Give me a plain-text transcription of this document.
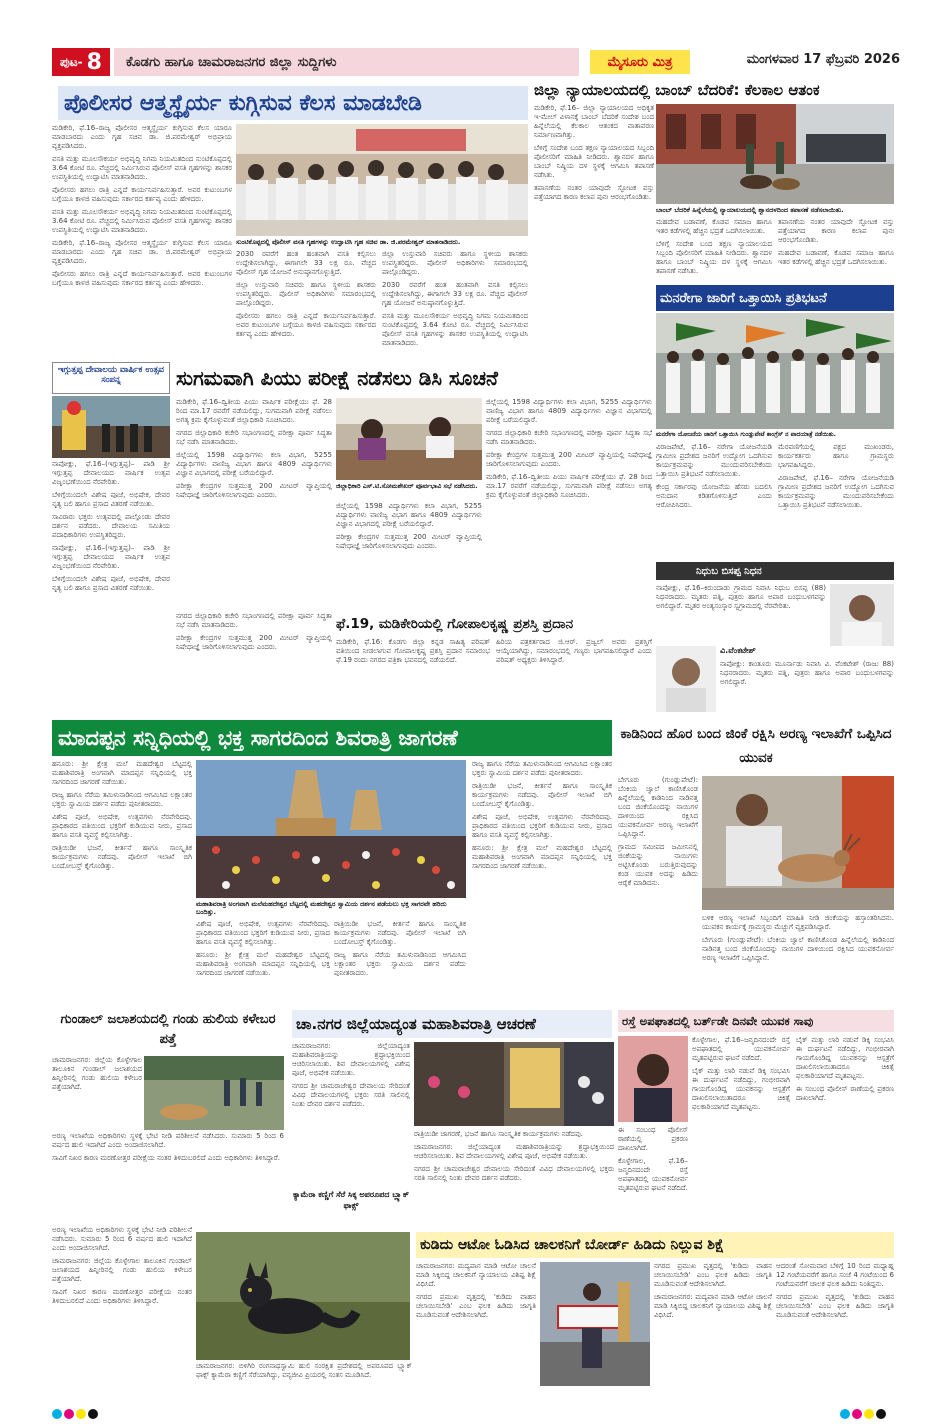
ಪುಟ- 8	ಕೊಡಗು ಹಾಗೂ ಚಾಮರಾಜನಗರ ಜಿಲ್ಲಾ ಸುದ್ದಿಗಳು	ಮೈಸೂರು ಮಿತ್ರ	ಮಂಗಳವಾರ 17 ಫೆಬ್ರವರಿ 2026
ಪೊಲೀಸರ ಆತ್ಮಸ್ಥೈರ್ಯ ಕುಗ್ಗಿಸುವ ಕೆಲಸ ಮಾಡಬೇಡಿ

ಮಡಿಕೇರಿ, ಫೆ.16–ರಾಜ್ಯ ಪೊಲೀಸರ ಆತ್ಮಸ್ಥೈರ್ಯ ಕುಗ್ಗಿಸುವ ಕೆಲಸ ಯಾರೂ ಮಾಡಬಾರದು ಎಂದು ಗೃಹ ಸಚಿವ ಡಾ. ಜಿ.ಪರಮೇಶ್ವರ್ ಅಭಿಪ್ರಾಯ ವ್ಯಕ್ತಪಡಿಸಿದರು.

ವಸತಿ ಮತ್ತು ಮೂಲಸೌಕರ್ಯ ಅಭಿವೃದ್ಧಿ ನಿಗಮ ನಿಯಮಿತದಿಂದ ಸುಂಟಿಕೊಪ್ಪದಲ್ಲಿ 3.64 ಕೋಟಿ ರೂ. ವೆಚ್ಚದಲ್ಲಿ ನಿರ್ಮಿಸಿರುವ ಪೊಲೀಸ್ ವಸತಿ ಗೃಹಗಳನ್ನು ಶಾಸಕರ ಉಪಸ್ಥಿತಿಯಲ್ಲಿ ಉದ್ಘಾಟಿಸಿ ಮಾತನಾಡಿದರು.

ಪೊಲೀಸರು ಹಗಲು ರಾತ್ರಿ ಎನ್ನದೆ ಕಾರ್ಯನಿರ್ವಹಿಸುತ್ತಾರೆ. ಅವರ ಕುಟುಂಬಗಳ ಬಗ್ಗೆಯೂ ಕಾಳಜಿ ವಹಿಸುವುದು ಸರ್ಕಾರದ ಕರ್ತವ್ಯ ಎಂದು ಹೇಳಿದರು.

ವಸತಿ ಮತ್ತು ಮೂಲಸೌಕರ್ಯ ಅಭಿವೃದ್ಧಿ ನಿಗಮ ನಿಯಮಿತದಿಂದ ಸುಂಟಿಕೊಪ್ಪದಲ್ಲಿ 3.64 ಕೋಟಿ ರೂ. ವೆಚ್ಚದಲ್ಲಿ ನಿರ್ಮಿಸಿರುವ ಪೊಲೀಸ್ ವಸತಿ ಗೃಹಗಳನ್ನು ಶಾಸಕರ ಉಪಸ್ಥಿತಿಯಲ್ಲಿ ಉದ್ಘಾಟಿಸಿ ಮಾತನಾಡಿದರು.

ಮಡಿಕೇರಿ, ಫೆ.16–ರಾಜ್ಯ ಪೊಲೀಸರ ಆತ್ಮಸ್ಥೈರ್ಯ ಕುಗ್ಗಿಸುವ ಕೆಲಸ ಯಾರೂ ಮಾಡಬಾರದು ಎಂದು ಗೃಹ ಸಚಿವ ಡಾ. ಜಿ.ಪರಮೇಶ್ವರ್ ಅಭಿಪ್ರಾಯ ವ್ಯಕ್ತಪಡಿಸಿದರು.

ಪೊಲೀಸರು ಹಗಲು ರಾತ್ರಿ ಎನ್ನದೆ ಕಾರ್ಯನಿರ್ವಹಿಸುತ್ತಾರೆ. ಅವರ ಕುಟುಂಬಗಳ ಬಗ್ಗೆಯೂ ಕಾಳಜಿ ವಹಿಸುವುದು ಸರ್ಕಾರದ ಕರ್ತವ್ಯ ಎಂದು ಹೇಳಿದರು.

ಸುಂಟಿಕೊಪ್ಪದಲ್ಲಿ ಪೊಲೀಸ್ ವಸತಿ ಗೃಹಗಳನ್ನು ಉದ್ಘಾಟಿಸಿ ಗೃಹ ಸಚಿವ ಡಾ. ಜಿ.ಪರಮೇಶ್ವರ್ ಮಾತನಾಡಿದರು.

2030 ರವರೆಗೆ ಹಂತ ಹಂತವಾಗಿ ವಸತಿ ಕಲ್ಪಿಸಲು ಉದ್ದೇಶಿಸಲಾಗಿದ್ದು, ಈಗಾಗಲೇ 33 ಲಕ್ಷ ರೂ. ವೆಚ್ಚದ ಪೊಲೀಸ್ ಗೃಹ ಯೋಜನೆ ಅನುಷ್ಠಾನಗೊಳ್ಳುತ್ತಿದೆ.

ಜಿಲ್ಲಾ ಉಸ್ತುವಾರಿ ಸಚಿವರು ಹಾಗೂ ಸ್ಥಳೀಯ ಶಾಸಕರು ಉಪಸ್ಥಿತರಿದ್ದರು. ಪೊಲೀಸ್ ಅಧಿಕಾರಿಗಳು ಸಮಾರಂಭದಲ್ಲಿ ಪಾಲ್ಗೊಂಡಿದ್ದರು.

ಪೊಲೀಸರು ಹಗಲು ರಾತ್ರಿ ಎನ್ನದೆ ಕಾರ್ಯನಿರ್ವಹಿಸುತ್ತಾರೆ. ಅವರ ಕುಟುಂಬಗಳ ಬಗ್ಗೆಯೂ ಕಾಳಜಿ ವಹಿಸುವುದು ಸರ್ಕಾರದ ಕರ್ತವ್ಯ ಎಂದು ಹೇಳಿದರು.

ಜಿಲ್ಲಾ ಉಸ್ತುವಾರಿ ಸಚಿವರು ಹಾಗೂ ಸ್ಥಳೀಯ ಶಾಸಕರು ಉಪಸ್ಥಿತರಿದ್ದರು. ಪೊಲೀಸ್ ಅಧಿಕಾರಿಗಳು ಸಮಾರಂಭದಲ್ಲಿ ಪಾಲ್ಗೊಂಡಿದ್ದರು.

2030 ರವರೆಗೆ ಹಂತ ಹಂತವಾಗಿ ವಸತಿ ಕಲ್ಪಿಸಲು ಉದ್ದೇಶಿಸಲಾಗಿದ್ದು, ಈಗಾಗಲೇ 33 ಲಕ್ಷ ರೂ. ವೆಚ್ಚದ ಪೊಲೀಸ್ ಗೃಹ ಯೋಜನೆ ಅನುಷ್ಠಾನಗೊಳ್ಳುತ್ತಿದೆ.

ವಸತಿ ಮತ್ತು ಮೂಲಸೌಕರ್ಯ ಅಭಿವೃದ್ಧಿ ನಿಗಮ ನಿಯಮಿತದಿಂದ ಸುಂಟಿಕೊಪ್ಪದಲ್ಲಿ 3.64 ಕೋಟಿ ರೂ. ವೆಚ್ಚದಲ್ಲಿ ನಿರ್ಮಿಸಿರುವ ಪೊಲೀಸ್ ವಸತಿ ಗೃಹಗಳನ್ನು ಶಾಸಕರ ಉಪಸ್ಥಿತಿಯಲ್ಲಿ ಉದ್ಘಾಟಿಸಿ ಮಾತನಾಡಿದರು.

ಜಿಲ್ಲಾ ನ್ಯಾಯಾಲಯದಲ್ಲಿ ಬಾಂಬ್ ಬೆದರಿಕೆ: ಕೆಲಕಾಲ ಆತಂಕ

ಮಡಿಕೇರಿ, ಫೆ.16– ಜಿಲ್ಲಾ ನ್ಯಾಯಾಲಯದ ಅಧಿಕೃತ ಇ-ಮೇಲ್ ವಿಳಾಸಕ್ಕೆ ಬಾಂಬ್ ಬೆದರಿಕೆ ಸಂದೇಶ ಬಂದ ಹಿನ್ನೆಲೆಯಲ್ಲಿ ಕೆಲಕಾಲ ಆತಂಕದ ವಾತಾವರಣ ನಿರ್ಮಾಣವಾಗಿತ್ತು.

ಬೆಳಿಗ್ಗೆ ಸಂದೇಶ ಬಂದ ತಕ್ಷಣ ನ್ಯಾಯಾಲಯದ ಸಿಬ್ಬಂದಿ ಪೊಲೀಸರಿಗೆ ಮಾಹಿತಿ ನೀಡಿದರು. ಶ್ವಾನದಳ ಹಾಗೂ ಬಾಂಬ್ ನಿಷ್ಕ್ರಿಯ ದಳ ಸ್ಥಳಕ್ಕೆ ಆಗಮಿಸಿ ತಪಾಸಣೆ ನಡೆಸಿತು.

ತಪಾಸಣೆಯ ನಂತರ ಯಾವುದೇ ಸ್ಫೋಟಕ ವಸ್ತು ಪತ್ತೆಯಾಗದ ಕಾರಣ ಕಲಾಪ ಪುನಃ ಆರಂಭಗೊಂಡಿತು.

ಬಾಂಬ್ ಬೆದರಿಕೆ ಹಿನ್ನೆಲೆಯಲ್ಲಿ ನ್ಯಾಯಾಲಯದಲ್ಲಿ ಶ್ವಾನದಳದಿಂದ ತಪಾಸಣೆ ನಡೆಸಲಾಯಿತು.

ಮಹದೇವ ಬಡಾವಣೆ, ಕೊಡವ ಸಮಾಜ ಹಾಗೂ ಇತರ ಕಡೆಗಳಲ್ಲಿ ಹೆಚ್ಚಿನ ಭದ್ರತೆ ಒದಗಿಸಲಾಯಿತು.

ಬೆಳಿಗ್ಗೆ ಸಂದೇಶ ಬಂದ ತಕ್ಷಣ ನ್ಯಾಯಾಲಯದ ಸಿಬ್ಬಂದಿ ಪೊಲೀಸರಿಗೆ ಮಾಹಿತಿ ನೀಡಿದರು. ಶ್ವಾನದಳ ಹಾಗೂ ಬಾಂಬ್ ನಿಷ್ಕ್ರಿಯ ದಳ ಸ್ಥಳಕ್ಕೆ ಆಗಮಿಸಿ ತಪಾಸಣೆ ನಡೆಸಿತು.

ತಪಾಸಣೆಯ ನಂತರ ಯಾವುದೇ ಸ್ಫೋಟಕ ವಸ್ತು ಪತ್ತೆಯಾಗದ ಕಾರಣ ಕಲಾಪ ಪುನಃ ಆರಂಭಗೊಂಡಿತು.

ಮಹದೇವ ಬಡಾವಣೆ, ಕೊಡವ ಸಮಾಜ ಹಾಗೂ ಇತರ ಕಡೆಗಳಲ್ಲಿ ಹೆಚ್ಚಿನ ಭದ್ರತೆ ಒದಗಿಸಲಾಯಿತು.

ಮನರೇಗಾ ಜಾರಿಗೆ ಒತ್ತಾಯಿಸಿ ಪ್ರತಿಭಟನೆ
ಮನರೇಗಾ ಯೋಜನೆಯ ಜಾರಿಗೆ ಒತ್ತಾಯಿಸಿ ಗುಂಡ್ಲುಪೇಟೆ ಕಾಂಗ್ರೆಸ್ ನ ಪಾದಯಾತ್ರೆ ನಡೆಯಿತು.

ವಿರಾಜಪೇಟೆ, ಫೆ.16– ನರೇಗಾ ಯೋಜನೆಯಡಿ ಗ್ರಾಮೀಣ ಪ್ರದೇಶದ ಜನರಿಗೆ ಉದ್ಯೋಗ ಒದಗಿಸುವ ಕಾರ್ಯಕ್ರಮವನ್ನು ಮುಂದುವರಿಸಬೇಕೆಂದು ಒತ್ತಾಯಿಸಿ ಪ್ರತಿಭಟನೆ ನಡೆಸಲಾಯಿತು.

ಕೇಂದ್ರ ಸರ್ಕಾರವು ಯೋಜನೆಯ ಹೆಸರು ಬದಲಿಸಿ ಅನುದಾನ ಕಡಿತಗೊಳಿಸುತ್ತಿದೆ ಎಂದು ಆರೋಪಿಸಿದರು.

ಮೆರವಣಿಗೆಯಲ್ಲಿ ಪಕ್ಷದ ಮುಖಂಡರು, ಕಾರ್ಯಕರ್ತರು ಹಾಗೂ ಗ್ರಾಮಸ್ಥರು ಭಾಗವಹಿಸಿದ್ದರು.

ವಿರಾಜಪೇಟೆ, ಫೆ.16– ನರೇಗಾ ಯೋಜನೆಯಡಿ ಗ್ರಾಮೀಣ ಪ್ರದೇಶದ ಜನರಿಗೆ ಉದ್ಯೋಗ ಒದಗಿಸುವ ಕಾರ್ಯಕ್ರಮವನ್ನು ಮುಂದುವರಿಸಬೇಕೆಂದು ಒತ್ತಾಯಿಸಿ ಪ್ರತಿಭಟನೆ ನಡೆಸಲಾಯಿತು.

ಇಗ್ಗುತ್ತಪ್ಪ ದೇವಾಲಯ ವಾರ್ಷಿಕ ಉತ್ಸವ ಸಂಪನ್ನ

ನಾಪೋಕ್ಲು, ಫೆ.16–(ಇಗ್ಗುತ್ತಪ್ಪ)– ಪಾಡಿ ಶ್ರೀ ಇಗ್ಗುತ್ತಪ್ಪ ದೇವಾಲಯದ ವಾರ್ಷಿಕ ಉತ್ಸವ ವಿಜೃಂಭಣೆಯಿಂದ ನೆರವೇರಿತು.

ಬೆಳಿಗ್ಗೆಯಿಂದಲೇ ವಿಶೇಷ ಪೂಜೆ, ಅಭಿಷೇಕ, ದೇವರ ನೃತ್ಯ ಬಲಿ ಹಾಗೂ ಪ್ರಸಾದ ವಿತರಣೆ ನಡೆಯಿತು.

ಸಾವಿರಾರು ಭಕ್ತರು ಉತ್ಸವದಲ್ಲಿ ಪಾಲ್ಗೊಂಡು ದೇವರ ದರ್ಶನ ಪಡೆದರು. ದೇವಾಲಯ ಸಮಿತಿಯ ಪದಾಧಿಕಾರಿಗಳು ಉಪಸ್ಥಿತರಿದ್ದರು.

ನಾಪೋಕ್ಲು, ಫೆ.16–(ಇಗ್ಗುತ್ತಪ್ಪ)– ಪಾಡಿ ಶ್ರೀ ಇಗ್ಗುತ್ತಪ್ಪ ದೇವಾಲಯದ ವಾರ್ಷಿಕ ಉತ್ಸವ ವಿಜೃಂಭಣೆಯಿಂದ ನೆರವೇರಿತು.

ಬೆಳಿಗ್ಗೆಯಿಂದಲೇ ವಿಶೇಷ ಪೂಜೆ, ಅಭಿಷೇಕ, ದೇವರ ನೃತ್ಯ ಬಲಿ ಹಾಗೂ ಪ್ರಸಾದ ವಿತರಣೆ ನಡೆಯಿತು.

ಸುಗಮವಾಗಿ ಪಿಯು ಪರೀಕ್ಷೆ ನಡೆಸಲು ಡಿಸಿ ಸೂಚನೆ

ಮಡಿಕೇರಿ, ಫೆ.16–ದ್ವಿತೀಯ ಪಿಯು ವಾರ್ಷಿಕ ಪರೀಕ್ಷೆಯು ಫೆ. 28 ರಿಂದ ಮಾ.17 ರವರೆಗೆ ನಡೆಯಲಿದ್ದು, ಸುಗಮವಾಗಿ ಪರೀಕ್ಷೆ ನಡೆಸಲು ಅಗತ್ಯ ಕ್ರಮ ಕೈಗೊಳ್ಳುವಂತೆ ಜಿಲ್ಲಾಧಿಕಾರಿ ಸೂಚಿಸಿದರು.

ನಗರದ ಜಿಲ್ಲಾಧಿಕಾರಿ ಕಚೇರಿ ಸಭಾಂಗಣದಲ್ಲಿ ಪರೀಕ್ಷಾ ಪೂರ್ವ ಸಿದ್ಧತಾ ಸಭೆ ನಡೆಸಿ ಮಾತನಾಡಿದರು.

ಜಿಲ್ಲೆಯಲ್ಲಿ 1598 ವಿದ್ಯಾರ್ಥಿಗಳು ಕಲಾ ವಿಭಾಗ, 5255 ವಿದ್ಯಾರ್ಥಿಗಳು ವಾಣಿಜ್ಯ ವಿಭಾಗ ಹಾಗೂ 4809 ವಿದ್ಯಾರ್ಥಿಗಳು ವಿಜ್ಞಾನ ವಿಭಾಗದಲ್ಲಿ ಪರೀಕ್ಷೆ ಬರೆಯಲಿದ್ದಾರೆ.

ಪರೀಕ್ಷಾ ಕೇಂದ್ರಗಳ ಸುತ್ತಮುತ್ತ 200 ಮೀಟರ್ ವ್ಯಾಪ್ತಿಯಲ್ಲಿ ನಿಷೇಧಾಜ್ಞೆ ಜಾರಿಗೊಳಿಸಲಾಗುವುದು ಎಂದರು.

ಜಿಲ್ಲಾಧಿಕಾರಿ ಎಸ್.ಟಿ.ಸೋಮಶೇಖರ್ ಪೂರ್ವಭಾವಿ ಸಭೆ ನಡೆಸಿದರು.

ಜಿಲ್ಲೆಯಲ್ಲಿ 1598 ವಿದ್ಯಾರ್ಥಿಗಳು ಕಲಾ ವಿಭಾಗ, 5255 ವಿದ್ಯಾರ್ಥಿಗಳು ವಾಣಿಜ್ಯ ವಿಭಾಗ ಹಾಗೂ 4809 ವಿದ್ಯಾರ್ಥಿಗಳು ವಿಜ್ಞಾನ ವಿಭಾಗದಲ್ಲಿ ಪರೀಕ್ಷೆ ಬರೆಯಲಿದ್ದಾರೆ.

ಪರೀಕ್ಷಾ ಕೇಂದ್ರಗಳ ಸುತ್ತಮುತ್ತ 200 ಮೀಟರ್ ವ್ಯಾಪ್ತಿಯಲ್ಲಿ ನಿಷೇಧಾಜ್ಞೆ ಜಾರಿಗೊಳಿಸಲಾಗುವುದು ಎಂದರು.

ಜಿಲ್ಲೆಯಲ್ಲಿ 1598 ವಿದ್ಯಾರ್ಥಿಗಳು ಕಲಾ ವಿಭಾಗ, 5255 ವಿದ್ಯಾರ್ಥಿಗಳು ವಾಣಿಜ್ಯ ವಿಭಾಗ ಹಾಗೂ 4809 ವಿದ್ಯಾರ್ಥಿಗಳು ವಿಜ್ಞಾನ ವಿಭಾಗದಲ್ಲಿ ಪರೀಕ್ಷೆ ಬರೆಯಲಿದ್ದಾರೆ.

ನಗರದ ಜಿಲ್ಲಾಧಿಕಾರಿ ಕಚೇರಿ ಸಭಾಂಗಣದಲ್ಲಿ ಪರೀಕ್ಷಾ ಪೂರ್ವ ಸಿದ್ಧತಾ ಸಭೆ ನಡೆಸಿ ಮಾತನಾಡಿದರು.

ಪರೀಕ್ಷಾ ಕೇಂದ್ರಗಳ ಸುತ್ತಮುತ್ತ 200 ಮೀಟರ್ ವ್ಯಾಪ್ತಿಯಲ್ಲಿ ನಿಷೇಧಾಜ್ಞೆ ಜಾರಿಗೊಳಿಸಲಾಗುವುದು ಎಂದರು.

ಮಡಿಕೇರಿ, ಫೆ.16–ದ್ವಿತೀಯ ಪಿಯು ವಾರ್ಷಿಕ ಪರೀಕ್ಷೆಯು ಫೆ. 28 ರಿಂದ ಮಾ.17 ರವರೆಗೆ ನಡೆಯಲಿದ್ದು, ಸುಗಮವಾಗಿ ಪರೀಕ್ಷೆ ನಡೆಸಲು ಅಗತ್ಯ ಕ್ರಮ ಕೈಗೊಳ್ಳುವಂತೆ ಜಿಲ್ಲಾಧಿಕಾರಿ ಸೂಚಿಸಿದರು.

ಫೆ.19, ಮಡಿಕೇರಿಯಲ್ಲಿ ಗೋಪಾಲಕೃಷ್ಣ ಪ್ರಶಸ್ತಿ ಪ್ರದಾನ

ಮಡಿಕೇರಿ, ಫೆ.16: ಕೊಡಗು ಜಿಲ್ಲಾ ಕನ್ನಡ ಸಾಹಿತ್ಯ ಪರಿಷತ್ ವತಿಯಿಂದ ನೀಡಲಾಗುವ ಗೋಪಾಲಕೃಷ್ಣ ಪ್ರಶಸ್ತಿ ಪ್ರದಾನ ಸಮಾರಂಭ ಫೆ.19 ರಂದು ನಗರದ ಪತ್ರಿಕಾ ಭವನದಲ್ಲಿ ನಡೆಯಲಿದೆ.

ಹಿರಿಯ ಪತ್ರಕರ್ತರಾದ ಜಿ.ಆರ್. ಪ್ರಜ್ವಲ್ ಅವರು ಪ್ರಶಸ್ತಿಗೆ ಆಯ್ಕೆಯಾಗಿದ್ದು, ಸಮಾರಂಭದಲ್ಲಿ ಗಣ್ಯರು ಭಾಗವಹಿಸಲಿದ್ದಾರೆ ಎಂದು ಪರಿಷತ್ ಅಧ್ಯಕ್ಷರು ತಿಳಿಸಿದ್ದಾರೆ.

ನಗರದ ಜಿಲ್ಲಾಧಿಕಾರಿ ಕಚೇರಿ ಸಭಾಂಗಣದಲ್ಲಿ ಪರೀಕ್ಷಾ ಪೂರ್ವ ಸಿದ್ಧತಾ ಸಭೆ ನಡೆಸಿ ಮಾತನಾಡಿದರು.

ಪರೀಕ್ಷಾ ಕೇಂದ್ರಗಳ ಸುತ್ತಮುತ್ತ 200 ಮೀಟರ್ ವ್ಯಾಪ್ತಿಯಲ್ಲಿ ನಿಷೇಧಾಜ್ಞೆ ಜಾರಿಗೊಳಿಸಲಾಗುವುದು ಎಂದರು.

ನಿಧುಬ ಬಿಸಪ್ಪ ನಿಧನ
ನಾಪೋಕ್ಲು, ಫೆ.16–ಕಿರುಂದಾಡು ಗ್ರಾಮದ ನಿವಾಸಿ ನಿಧುಬ ಬಿಸಪ್ಪ (88) ನಿಧನರಾದರು. ಮೃತರು ಪತ್ನಿ, ಪುತ್ರರು ಹಾಗೂ ಅಪಾರ ಬಂಧುಬಳಗವನ್ನು ಅಗಲಿದ್ದಾರೆ. ಮೃತರ ಅಂತ್ಯಸಂಸ್ಕಾರ ಸ್ವಗ್ರಾಮದಲ್ಲಿ ನೆರವೇರಿತು.
ವಿ.ವೆಂಕಟೇಶ್
ನಾಪೋಕ್ಲು: ಕಾಂತೂರು ಮೂರ್ನಾಡು ನಿವಾಸಿ ವಿ. ವೆಂಕಟೇಶ್ (ರಾಜು 88) ನಿಧನರಾದರು. ಮೃತರು ಪತ್ನಿ, ಪುತ್ರರು ಹಾಗೂ ಅಪಾರ ಬಂಧುಬಳಗವನ್ನು ಅಗಲಿದ್ದಾರೆ.
ಮಾದಪ್ಪನ ಸನ್ನಿಧಿಯಲ್ಲಿ ಭಕ್ತ ಸಾಗರದಿಂದ ಶಿವರಾತ್ರಿ ಜಾಗರಣೆ

ಹನೂರು: ಶ್ರೀ ಕ್ಷೇತ್ರ ಮಲೆ ಮಹದೇಶ್ವರ ಬೆಟ್ಟದಲ್ಲಿ ಮಹಾಶಿವರಾತ್ರಿ ಅಂಗವಾಗಿ ಮಾದಪ್ಪನ ಸನ್ನಿಧಿಯಲ್ಲಿ ಭಕ್ತ ಸಾಗರದಿಂದ ಜಾಗರಣೆ ನಡೆಯಿತು.

ರಾಜ್ಯ ಹಾಗೂ ನೆರೆಯ ತಮಿಳುನಾಡಿನಿಂದ ಆಗಮಿಸಿದ ಲಕ್ಷಾಂತರ ಭಕ್ತರು ಸ್ವಾಮಿಯ ದರ್ಶನ ಪಡೆದು ಪುನೀತರಾದರು.

ವಿಶೇಷ ಪೂಜೆ, ಅಭಿಷೇಕ, ಉತ್ಸವಗಳು ನೆರವೇರಿದವು. ಪ್ರಾಧಿಕಾರದ ವತಿಯಿಂದ ಭಕ್ತರಿಗೆ ಕುಡಿಯುವ ನೀರು, ಪ್ರಸಾದ ಹಾಗೂ ವಸತಿ ವ್ಯವಸ್ಥೆ ಕಲ್ಪಿಸಲಾಗಿತ್ತು.

ರಾತ್ರಿಯಿಡೀ ಭಜನೆ, ಕೀರ್ತನೆ ಹಾಗೂ ಸಾಂಸ್ಕೃತಿಕ ಕಾರ್ಯಕ್ರಮಗಳು ನಡೆದವು. ಪೊಲೀಸ್ ಇಲಾಖೆ ಬಿಗಿ ಬಂದೋಬಸ್ತ್ ಕೈಗೊಂಡಿತ್ತು.

ಮಹಾಶಿವರಾತ್ರಿ ಅಂಗವಾಗಿ ಮಲೆಮಹದೇಶ್ವರ ಬೆಟ್ಟದಲ್ಲಿ ಮಹದೇಶ್ವರ ಸ್ವಾಮಿಯ ದರ್ಶನ ಪಡೆಯಲು ಭಕ್ತ ಸಾಗರವೇ ಹರಿದು ಬಂದಿತ್ತು.

ವಿಶೇಷ ಪೂಜೆ, ಅಭಿಷೇಕ, ಉತ್ಸವಗಳು ನೆರವೇರಿದವು. ಪ್ರಾಧಿಕಾರದ ವತಿಯಿಂದ ಭಕ್ತರಿಗೆ ಕುಡಿಯುವ ನೀರು, ಪ್ರಸಾದ ಹಾಗೂ ವಸತಿ ವ್ಯವಸ್ಥೆ ಕಲ್ಪಿಸಲಾಗಿತ್ತು.

ಹನೂರು: ಶ್ರೀ ಕ್ಷೇತ್ರ ಮಲೆ ಮಹದೇಶ್ವರ ಬೆಟ್ಟದಲ್ಲಿ ಮಹಾಶಿವರಾತ್ರಿ ಅಂಗವಾಗಿ ಮಾದಪ್ಪನ ಸನ್ನಿಧಿಯಲ್ಲಿ ಭಕ್ತ ಸಾಗರದಿಂದ ಜಾಗರಣೆ ನಡೆಯಿತು.

ರಾತ್ರಿಯಿಡೀ ಭಜನೆ, ಕೀರ್ತನೆ ಹಾಗೂ ಸಾಂಸ್ಕೃತಿಕ ಕಾರ್ಯಕ್ರಮಗಳು ನಡೆದವು. ಪೊಲೀಸ್ ಇಲಾಖೆ ಬಿಗಿ ಬಂದೋಬಸ್ತ್ ಕೈಗೊಂಡಿತ್ತು.

ರಾಜ್ಯ ಹಾಗೂ ನೆರೆಯ ತಮಿಳುನಾಡಿನಿಂದ ಆಗಮಿಸಿದ ಲಕ್ಷಾಂತರ ಭಕ್ತರು ಸ್ವಾಮಿಯ ದರ್ಶನ ಪಡೆದು ಪುನೀತರಾದರು.

ರಾಜ್ಯ ಹಾಗೂ ನೆರೆಯ ತಮಿಳುನಾಡಿನಿಂದ ಆಗಮಿಸಿದ ಲಕ್ಷಾಂತರ ಭಕ್ತರು ಸ್ವಾಮಿಯ ದರ್ಶನ ಪಡೆದು ಪುನೀತರಾದರು.

ರಾತ್ರಿಯಿಡೀ ಭಜನೆ, ಕೀರ್ತನೆ ಹಾಗೂ ಸಾಂಸ್ಕೃತಿಕ ಕಾರ್ಯಕ್ರಮಗಳು ನಡೆದವು. ಪೊಲೀಸ್ ಇಲಾಖೆ ಬಿಗಿ ಬಂದೋಬಸ್ತ್ ಕೈಗೊಂಡಿತ್ತು.

ವಿಶೇಷ ಪೂಜೆ, ಅಭಿಷೇಕ, ಉತ್ಸವಗಳು ನೆರವೇರಿದವು. ಪ್ರಾಧಿಕಾರದ ವತಿಯಿಂದ ಭಕ್ತರಿಗೆ ಕುಡಿಯುವ ನೀರು, ಪ್ರಸಾದ ಹಾಗೂ ವಸತಿ ವ್ಯವಸ್ಥೆ ಕಲ್ಪಿಸಲಾಗಿತ್ತು.

ಹನೂರು: ಶ್ರೀ ಕ್ಷೇತ್ರ ಮಲೆ ಮಹದೇಶ್ವರ ಬೆಟ್ಟದಲ್ಲಿ ಮಹಾಶಿವರಾತ್ರಿ ಅಂಗವಾಗಿ ಮಾದಪ್ಪನ ಸನ್ನಿಧಿಯಲ್ಲಿ ಭಕ್ತ ಸಾಗರದಿಂದ ಜಾಗರಣೆ ನಡೆಯಿತು.

ಕಾಡಿನಿಂದ ಹೊರ ಬಂದ ಜಿಂಕೆ ರಕ್ಷಿಸಿ ಅರಣ್ಯ ಇಲಾಖೆಗೆ ಒಪ್ಪಿಸಿದ ಯುವಕ

ಬೇಗೂರು (ಗುಂಡ್ಲುಪೇಟೆ): ಬೆಂಕಿಯ ಜ್ವಾಲೆ ಕಾಣಿಸಿಕೊಂಡ ಹಿನ್ನೆಲೆಯಲ್ಲಿ ಕಾಡಿನಿಂದ ನಾಡಿನತ್ತ ಬಂದ ಜಿಂಕೆಯೊಂದನ್ನು ನಾಯಿಗಳ ದಾಳಿಯಿಂದ ರಕ್ಷಿಸಿದ ಯುವಕನೋರ್ವ ಅರಣ್ಯ ಇಲಾಖೆಗೆ ಒಪ್ಪಿಸಿದ್ದಾನೆ.

ಗ್ರಾಮದ ಸಮೀಪದ ಜಮೀನಿನಲ್ಲಿ ಜಿಂಕೆಯನ್ನು ನಾಯಿಗಳು ಅಟ್ಟಿಸಿಕೊಂಡು ಬರುತ್ತಿರುವುದನ್ನು ಕಂಡ ಯುವಕ ಅದನ್ನು ಹಿಡಿದು ಆರೈಕೆ ಮಾಡಿದನು.

ಬಳಿಕ ಅರಣ್ಯ ಇಲಾಖೆ ಸಿಬ್ಬಂದಿಗೆ ಮಾಹಿತಿ ನೀಡಿ ಜಿಂಕೆಯನ್ನು ಹಸ್ತಾಂತರಿಸಿದನು. ಯುವಕನ ಕಾರ್ಯಕ್ಕೆ ಗ್ರಾಮಸ್ಥರು ಮೆಚ್ಚುಗೆ ವ್ಯಕ್ತಪಡಿಸಿದ್ದಾರೆ.

ಬೇಗೂರು (ಗುಂಡ್ಲುಪೇಟೆ): ಬೆಂಕಿಯ ಜ್ವಾಲೆ ಕಾಣಿಸಿಕೊಂಡ ಹಿನ್ನೆಲೆಯಲ್ಲಿ ಕಾಡಿನಿಂದ ನಾಡಿನತ್ತ ಬಂದ ಜಿಂಕೆಯೊಂದನ್ನು ನಾಯಿಗಳ ದಾಳಿಯಿಂದ ರಕ್ಷಿಸಿದ ಯುವಕನೋರ್ವ ಅರಣ್ಯ ಇಲಾಖೆಗೆ ಒಪ್ಪಿಸಿದ್ದಾನೆ.

ಗುಂಡಾಲ್ ಜಲಾಶಯದಲ್ಲಿ ಗಂಡು ಹುಲಿಯ ಕಳೇಬರ ಪತ್ತೆ

ಚಾಮರಾಜನಗರ: ಜಿಲ್ಲೆಯ ಕೊಳ್ಳೇಗಾಲ ತಾಲೂಕಿನ ಗುಂಡಾಲ್ ಜಲಾಶಯದ ಹಿನ್ನೀರಿನಲ್ಲಿ ಗಂಡು ಹುಲಿಯ ಕಳೇಬರ ಪತ್ತೆಯಾಗಿದೆ.

ಅರಣ್ಯ ಇಲಾಖೆಯ ಅಧಿಕಾರಿಗಳು ಸ್ಥಳಕ್ಕೆ ಭೇಟಿ ನೀಡಿ ಪರಿಶೀಲನೆ ನಡೆಸಿದರು. ಸುಮಾರು 5 ರಿಂದ 6 ವರ್ಷದ ಹುಲಿ ಇದಾಗಿದೆ ಎಂದು ಅಂದಾಜಿಸಲಾಗಿದೆ.

ಸಾವಿಗೆ ನಿಖರ ಕಾರಣ ಮರಣೋತ್ತರ ಪರೀಕ್ಷೆಯ ನಂತರ ತಿಳಿದುಬರಲಿದೆ ಎಂದು ಅಧಿಕಾರಿಗಳು ತಿಳಿಸಿದ್ದಾರೆ.

ಚಾ.ನಗರ ಜಿಲ್ಲೆಯಾದ್ಯಂತ ಮಹಾಶಿವರಾತ್ರಿ ಆಚರಣೆ

ಚಾಮರಾಜನಗರ: ಜಿಲ್ಲೆಯಾದ್ಯಂತ ಮಹಾಶಿವರಾತ್ರಿಯನ್ನು ಶ್ರದ್ಧಾಭಕ್ತಿಯಿಂದ ಆಚರಿಸಲಾಯಿತು. ಶಿವ ದೇವಾಲಯಗಳಲ್ಲಿ ವಿಶೇಷ ಪೂಜೆ, ಅಭಿಷೇಕ ನಡೆಯಿತು.

ನಗರದ ಶ್ರೀ ಚಾಮರಾಜೇಶ್ವರ ದೇವಾಲಯ ಸೇರಿದಂತೆ ವಿವಿಧ ದೇವಾಲಯಗಳಲ್ಲಿ ಭಕ್ತರು ಸರತಿ ಸಾಲಿನಲ್ಲಿ ನಿಂತು ದೇವರ ದರ್ಶನ ಪಡೆದರು.

ರಾತ್ರಿಯಿಡೀ ಜಾಗರಣೆ, ಭಜನೆ ಹಾಗೂ ಸಾಂಸ್ಕೃತಿಕ ಕಾರ್ಯಕ್ರಮಗಳು ನಡೆದವು.

ಚಾಮರಾಜನಗರ: ಜಿಲ್ಲೆಯಾದ್ಯಂತ ಮಹಾಶಿವರಾತ್ರಿಯನ್ನು ಶ್ರದ್ಧಾಭಕ್ತಿಯಿಂದ ಆಚರಿಸಲಾಯಿತು. ಶಿವ ದೇವಾಲಯಗಳಲ್ಲಿ ವಿಶೇಷ ಪೂಜೆ, ಅಭಿಷೇಕ ನಡೆಯಿತು.

ನಗರದ ಶ್ರೀ ಚಾಮರಾಜೇಶ್ವರ ದೇವಾಲಯ ಸೇರಿದಂತೆ ವಿವಿಧ ದೇವಾಲಯಗಳಲ್ಲಿ ಭಕ್ತರು ಸರತಿ ಸಾಲಿನಲ್ಲಿ ನಿಂತು ದೇವರ ದರ್ಶನ ಪಡೆದರು.

ಕ್ಯಾಮೆರಾ ಕಣ್ಣಿಗೆ ಸೆರೆ ಸಿಕ್ಕ ಅಪರೂಪದ ಬ್ಲ್ಯಾಕ್ ಫಾಕ್ಸ್

ಅರಣ್ಯ ಇಲಾಖೆಯ ಅಧಿಕಾರಿಗಳು ಸ್ಥಳಕ್ಕೆ ಭೇಟಿ ನೀಡಿ ಪರಿಶೀಲನೆ ನಡೆಸಿದರು. ಸುಮಾರು 5 ರಿಂದ 6 ವರ್ಷದ ಹುಲಿ ಇದಾಗಿದೆ ಎಂದು ಅಂದಾಜಿಸಲಾಗಿದೆ.

ಚಾಮರಾಜನಗರ: ಜಿಲ್ಲೆಯ ಕೊಳ್ಳೇಗಾಲ ತಾಲೂಕಿನ ಗುಂಡಾಲ್ ಜಲಾಶಯದ ಹಿನ್ನೀರಿನಲ್ಲಿ ಗಂಡು ಹುಲಿಯ ಕಳೇಬರ ಪತ್ತೆಯಾಗಿದೆ.

ಸಾವಿಗೆ ನಿಖರ ಕಾರಣ ಮರಣೋತ್ತರ ಪರೀಕ್ಷೆಯ ನಂತರ ತಿಳಿದುಬರಲಿದೆ ಎಂದು ಅಧಿಕಾರಿಗಳು ತಿಳಿಸಿದ್ದಾರೆ.

ಚಾಮರಾಜನಗರ: ಬಿಳಿಗಿರಿ ರಂಗನಾಥಸ್ವಾಮಿ ಹುಲಿ ಸಂರಕ್ಷಿತ ಪ್ರದೇಶದಲ್ಲಿ ಅಪರೂಪದ ಬ್ಲ್ಯಾಕ್ ಫಾಕ್ಸ್ ಕ್ಯಾಮೆರಾ ಕಣ್ಣಿಗೆ ಸೆರೆಯಾಗಿದ್ದು, ವನ್ಯಜೀವಿ ಪ್ರಿಯರಲ್ಲಿ ಸಂತಸ ಮೂಡಿಸಿದೆ.
ರಸ್ತೆ ಅಪಘಾತದಲ್ಲಿ ಬರ್ತ್‌ಡೇ ದಿನವೇ ಯುವಕ ಸಾವು

ಕೊಳ್ಳೇಗಾಲ, ಫೆ.16–ಜನ್ಮದಿನದಂದೇ ರಸ್ತೆ ಅಪಘಾತದಲ್ಲಿ ಯುವಕನೋರ್ವ ಮೃತಪಟ್ಟಿರುವ ಘಟನೆ ನಡೆದಿದೆ.

ಬೈಕ್ ಮತ್ತು ಲಾರಿ ನಡುವೆ ಡಿಕ್ಕಿ ಸಂಭವಿಸಿ ಈ ದುರ್ಘಟನೆ ನಡೆದಿದ್ದು, ಗಂಭೀರವಾಗಿ ಗಾಯಗೊಂಡಿದ್ದ ಯುವಕನನ್ನು ಆಸ್ಪತ್ರೆಗೆ ದಾಖಲಿಸಲಾಯಿತಾದರೂ ಚಿಕಿತ್ಸೆ ಫಲಕಾರಿಯಾಗದೆ ಮೃತಪಟ್ಟನು.

ಬೈಕ್ ಮತ್ತು ಲಾರಿ ನಡುವೆ ಡಿಕ್ಕಿ ಸಂಭವಿಸಿ ಈ ದುರ್ಘಟನೆ ನಡೆದಿದ್ದು, ಗಂಭೀರವಾಗಿ ಗಾಯಗೊಂಡಿದ್ದ ಯುವಕನನ್ನು ಆಸ್ಪತ್ರೆಗೆ ದಾಖಲಿಸಲಾಯಿತಾದರೂ ಚಿಕಿತ್ಸೆ ಫಲಕಾರಿಯಾಗದೆ ಮೃತಪಟ್ಟನು.

ಈ ಸಂಬಂಧ ಪೊಲೀಸ್ ಠಾಣೆಯಲ್ಲಿ ಪ್ರಕರಣ ದಾಖಲಾಗಿದೆ.

ಈ ಸಂಬಂಧ ಪೊಲೀಸ್ ಠಾಣೆಯಲ್ಲಿ ಪ್ರಕರಣ ದಾಖಲಾಗಿದೆ.

ಕೊಳ್ಳೇಗಾಲ, ಫೆ.16–ಜನ್ಮದಿನದಂದೇ ರಸ್ತೆ ಅಪಘಾತದಲ್ಲಿ ಯುವಕನೋರ್ವ ಮೃತಪಟ್ಟಿರುವ ಘಟನೆ ನಡೆದಿದೆ.

ಕುಡಿದು ಆಟೋ ಓಡಿಸಿದ ಚಾಲಕನಿಗೆ ಬೋರ್ಡ್ ಹಿಡಿದು ನಿಲ್ಲುವ ಶಿಕ್ಷೆ

ಚಾಮರಾಜನಗರ: ಮದ್ಯಪಾನ ಮಾಡಿ ಆಟೋ ಚಾಲನೆ ಮಾಡಿ ಸಿಕ್ಕಿಬಿದ್ದ ಚಾಲಕನಿಗೆ ನ್ಯಾಯಾಲಯ ವಿಶಿಷ್ಟ ಶಿಕ್ಷೆ ವಿಧಿಸಿದೆ.

ನಗರದ ಪ್ರಮುಖ ವೃತ್ತದಲ್ಲಿ 'ಕುಡಿದು ವಾಹನ ಚಲಾಯಿಸಬೇಡಿ' ಎಂಬ ಫಲಕ ಹಿಡಿದು ಜಾಗೃತಿ ಮೂಡಿಸುವಂತೆ ಆದೇಶಿಸಲಾಗಿದೆ.

ನಗರದ ಪ್ರಮುಖ ವೃತ್ತದಲ್ಲಿ 'ಕುಡಿದು ವಾಹನ ಚಲಾಯಿಸಬೇಡಿ' ಎಂಬ ಫಲಕ ಹಿಡಿದು ಜಾಗೃತಿ ಮೂಡಿಸುವಂತೆ ಆದೇಶಿಸಲಾಗಿದೆ.

ಚಾಮರಾಜನಗರ: ಮದ್ಯಪಾನ ಮಾಡಿ ಆಟೋ ಚಾಲನೆ ಮಾಡಿ ಸಿಕ್ಕಿಬಿದ್ದ ಚಾಲಕನಿಗೆ ನ್ಯಾಯಾಲಯ ವಿಶಿಷ್ಟ ಶಿಕ್ಷೆ ವಿಧಿಸಿದೆ.

ಆದರಂತೆ ಸೋಮವಾರ ಬೆಳಿಗ್ಗೆ 10 ರಿಂದ ಮಧ್ಯಾಹ್ನ 12 ಗಂಟೆಯವರೆಗೆ ಹಾಗೂ ಸಂಜೆ 4 ಗಂಟೆಯಿಂದ 6 ಗಂಟೆಯವರೆಗೆ ಚಾಲಕ ಫಲಕ ಹಿಡಿದು ನಿಂತಿದ್ದನು.

ನಗರದ ಪ್ರಮುಖ ವೃತ್ತದಲ್ಲಿ 'ಕುಡಿದು ವಾಹನ ಚಲಾಯಿಸಬೇಡಿ' ಎಂಬ ಫಲಕ ಹಿಡಿದು ಜಾಗೃತಿ ಮೂಡಿಸುವಂತೆ ಆದೇಶಿಸಲಾಗಿದೆ.
